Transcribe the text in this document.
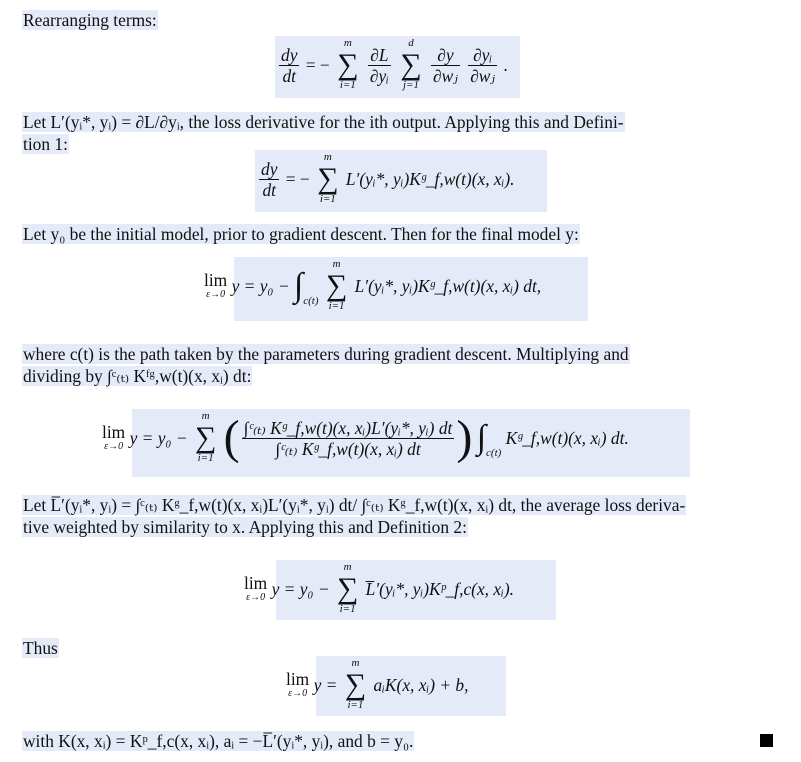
Rearranging terms:
$\frac{dy}{dt}$ = −
m
∑
i=1
$\frac{\partial L}{\text{∂yᵢ}}$

d
∑
j=1
$\frac{\partial y}{\text{∂wⱼ}}$
$\frac{\text{∂yᵢ}}{\text{∂wⱼ}}$ .
Let L′(yᵢ*, yᵢ) = ∂L/∂yᵢ, the loss derivative for the ith output. Applying this and Defini-
tion 1:
$\frac{dy}{dt}$ = −
m
∑
i=1
L′(yᵢ*, yᵢ)Kᵍ_f,w(t)(x, xᵢ).
Let y₀ be the initial model, prior to gradient descent. Then for the final model y:
lim
ε→0 $y = y_0 - \int_{c(t)}$
m
∑
i=1
L′(yᵢ*, yᵢ)Kᵍ_f,w(t)(x, xᵢ) dt,
where c(t) is the path taken by the parameters during gradient descent. Multiplying and
dividing by ∫ᶜ₍ₜ₎ Kᶠᵍ,w(t)(x, xᵢ) dt:
lim
ε→0 y = y₀ −
m
∑
i=1 ( $\frac{\text{∫ᶜ₍ₜ₎ Kᵍ\_f,w(t)(x, xᵢ)L′(yᵢ*, yᵢ) dt}}{\text{∫ᶜ₍ₜ₎ Kᵍ\_f,w(t)(x, xᵢ) dt}}$ ) $\int_{c(t)}$ Kᵍ_f,w(t)(x, xᵢ) dt.
Let L̅′(yᵢ*, yᵢ) = ∫ᶜ₍ₜ₎ Kᵍ_f,w(t)(x, xᵢ)L′(yᵢ*, yᵢ) dt/ ∫ᶜ₍ₜ₎ Kᵍ_f,w(t)(x, xᵢ) dt, the average loss deriva-
tive weighted by similarity to x. Applying this and Definition 2:
lim
ε→0 y = y₀ −
m
∑
i=1
L̅′(yᵢ*, yᵢ)Kᵖ_f,c(x, xᵢ).
Thus
lim
ε→0 y =
m
∑
i=1
aᵢK(x, xᵢ) + b,
with K(x, xᵢ) = Kᵖ_f,c(x, xᵢ), aᵢ = −L̅′(yᵢ*, yᵢ), and b = y₀.
